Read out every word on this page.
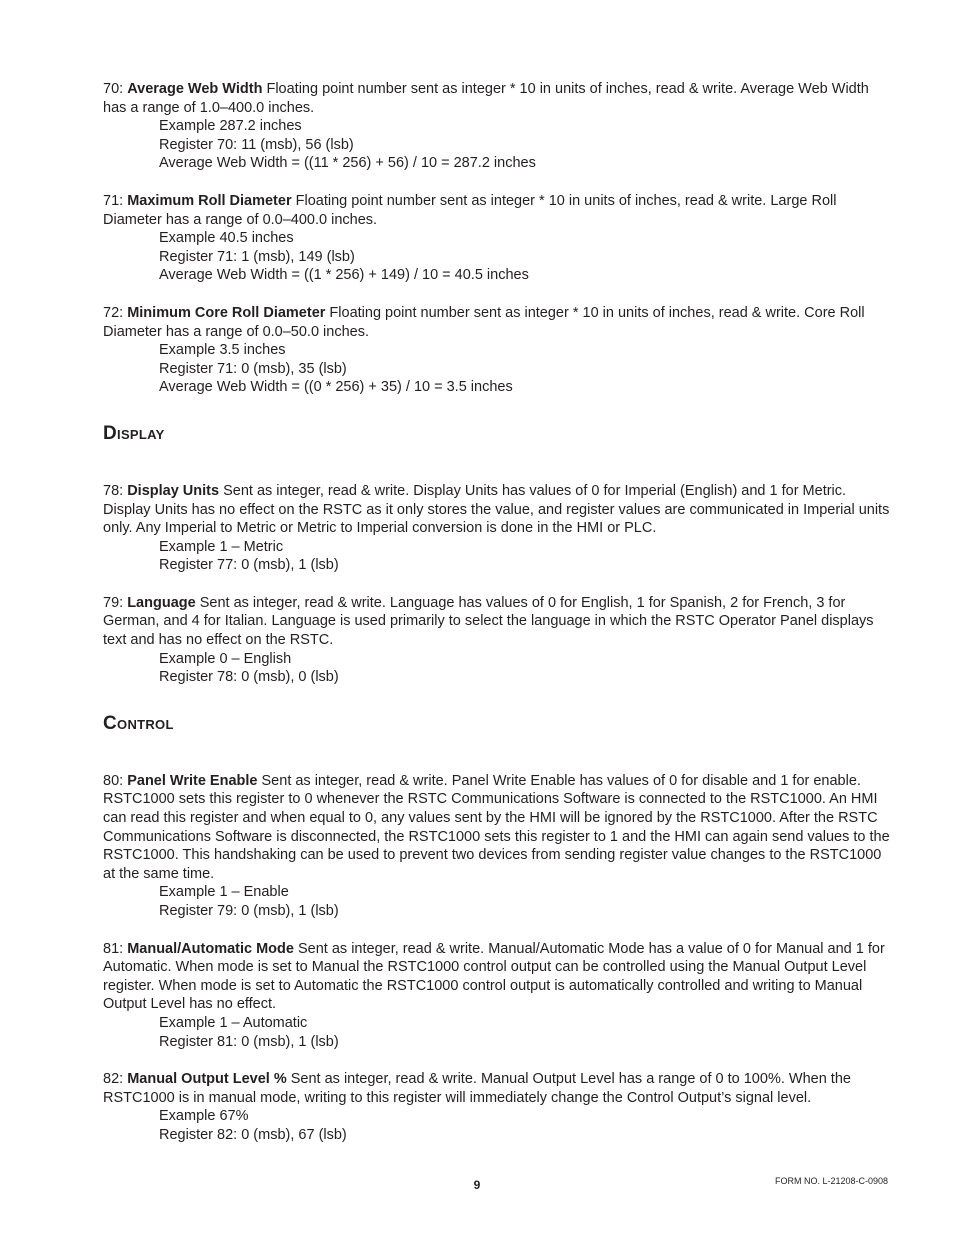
70: Average Web Width Floating point number sent as integer * 10 in units of inches, read & write. Average Web Width has a range of 1.0–400.0 inches.

Example 287.2 inches
Register 70: 11 (msb), 56 (lsb)
Average Web Width = ((11 * 256) + 56) / 10 = 287.2 inches

71: Maximum Roll Diameter Floating point number sent as integer * 10 in units of inches, read & write. Large Roll Diameter has a range of 0.0–400.0 inches.

Example 40.5 inches
Register 71: 1 (msb), 149 (lsb)
Average Web Width = ((1 * 256) + 149) / 10 = 40.5 inches

72: Minimum Core Roll Diameter Floating point number sent as integer * 10 in units of inches, read & write. Core Roll Diameter has a range of 0.0–50.0 inches.

Example 3.5 inches
Register 71: 0 (msb), 35 (lsb)
Average Web Width = ((0 * 256) + 35) / 10 = 3.5 inches
DISPLAY

78: Display Units Sent as integer, read & write. Display Units has values of 0 for Imperial (English) and 1 for Metric. Display Units has no effect on the RSTC as it only stores the value, and register values are communicated in Imperial units only. Any Imperial to Metric or Metric to Imperial conversion is done in the HMI or PLC.

Example 1 – Metric
Register 77: 0 (msb), 1 (lsb)

79: Language Sent as integer, read & write. Language has values of 0 for English, 1 for Spanish, 2 for French, 3 for German, and 4 for Italian. Language is used primarily to select the language in which the RSTC Operator Panel displays text and has no effect on the RSTC.

Example 0 – English
Register 78: 0 (msb), 0 (lsb)
CONTROL

80: Panel Write Enable Sent as integer, read & write. Panel Write Enable has values of 0 for disable and 1 for enable. RSTC1000 sets this register to 0 whenever the RSTC Communications Software is connected to the RSTC1000. An HMI can read this register and when equal to 0, any values sent by the HMI will be ignored by the RSTC1000. After the RSTC Communications Software is disconnected, the RSTC1000 sets this register to 1 and the HMI can again send values to the RSTC1000. This handshaking can be used to prevent two devices from sending register value changes to the RSTC1000 at the same time.

Example 1 – Enable
Register 79: 0 (msb), 1 (lsb)

81: Manual/Automatic Mode Sent as integer, read & write. Manual/Automatic Mode has a value of 0 for Manual and 1 for Automatic. When mode is set to Manual the RSTC1000 control output can be controlled using the Manual Output Level register. When mode is set to Automatic the RSTC1000 control output is automatically controlled and writing to Manual Output Level has no effect.

Example 1 – Automatic
Register 81: 0 (msb), 1 (lsb)

82: Manual Output Level % Sent as integer, read & write. Manual Output Level has a range of 0 to 100%. When the RSTC1000 is in manual mode, writing to this register will immediately change the Control Output’s signal level.

Example 67%
Register 82: 0 (msb), 67 (lsb)
9	FORM NO. L-21208-C-0908
